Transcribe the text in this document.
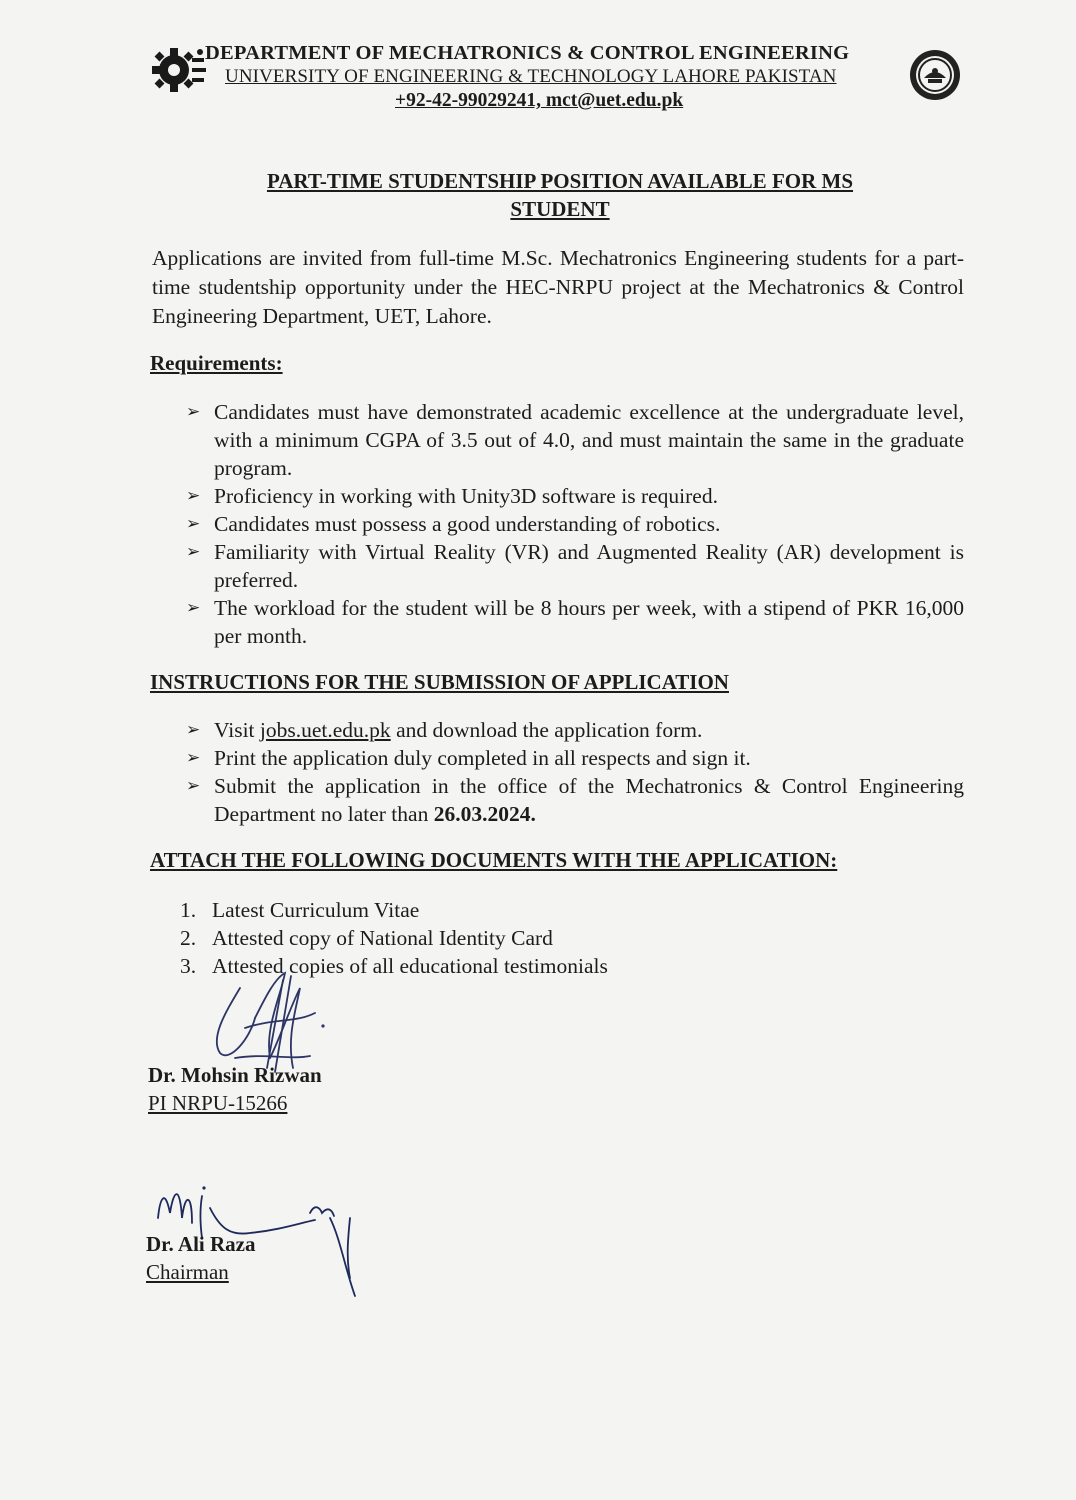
DEPARTMENT OF MECHATRONICS & CONTROL ENGINEERING
UNIVERSITY OF ENGINEERING & TECHNOLOGY LAHORE PAKISTAN
+92-42-99029241, mct@uet.edu.pk
PART-TIME STUDENTSHIP POSITION AVAILABLE FOR MS
STUDENT
Applications are invited from full-time M.Sc. Mechatronics Engineering students for a part-time studentship opportunity under the HEC-NRPU project at the Mechatronics & Control Engineering Department, UET, Lahore.
Requirements:
➢ Candidates must have demonstrated academic excellence at the undergraduate level, with a minimum CGPA of 3.5 out of 4.0, and must maintain the same in the graduate program.
➢ Proficiency in working with Unity3D software is required.
➢ Candidates must possess a good understanding of robotics.
➢ Familiarity with Virtual Reality (VR) and Augmented Reality (AR) development is preferred.
➢ The workload for the student will be 8 hours per week, with a stipend of PKR 16,000 per month.
INSTRUCTIONS FOR THE SUBMISSION OF APPLICATION
➢ Visit jobs.uet.edu.pk and download the application form.
➢ Print the application duly completed in all respects and sign it.
➢ Submit the application in the office of the Mechatronics & Control Engineering Department no later than 26.03.2024.
ATTACH THE FOLLOWING DOCUMENTS WITH THE APPLICATION:
1. Latest Curriculum Vitae
2. Attested copy of National Identity Card
3. Attested copies of all educational testimonials
Dr. Mohsin Rizwan
PI NRPU-15266
Dr. Ali Raza
Chairman
